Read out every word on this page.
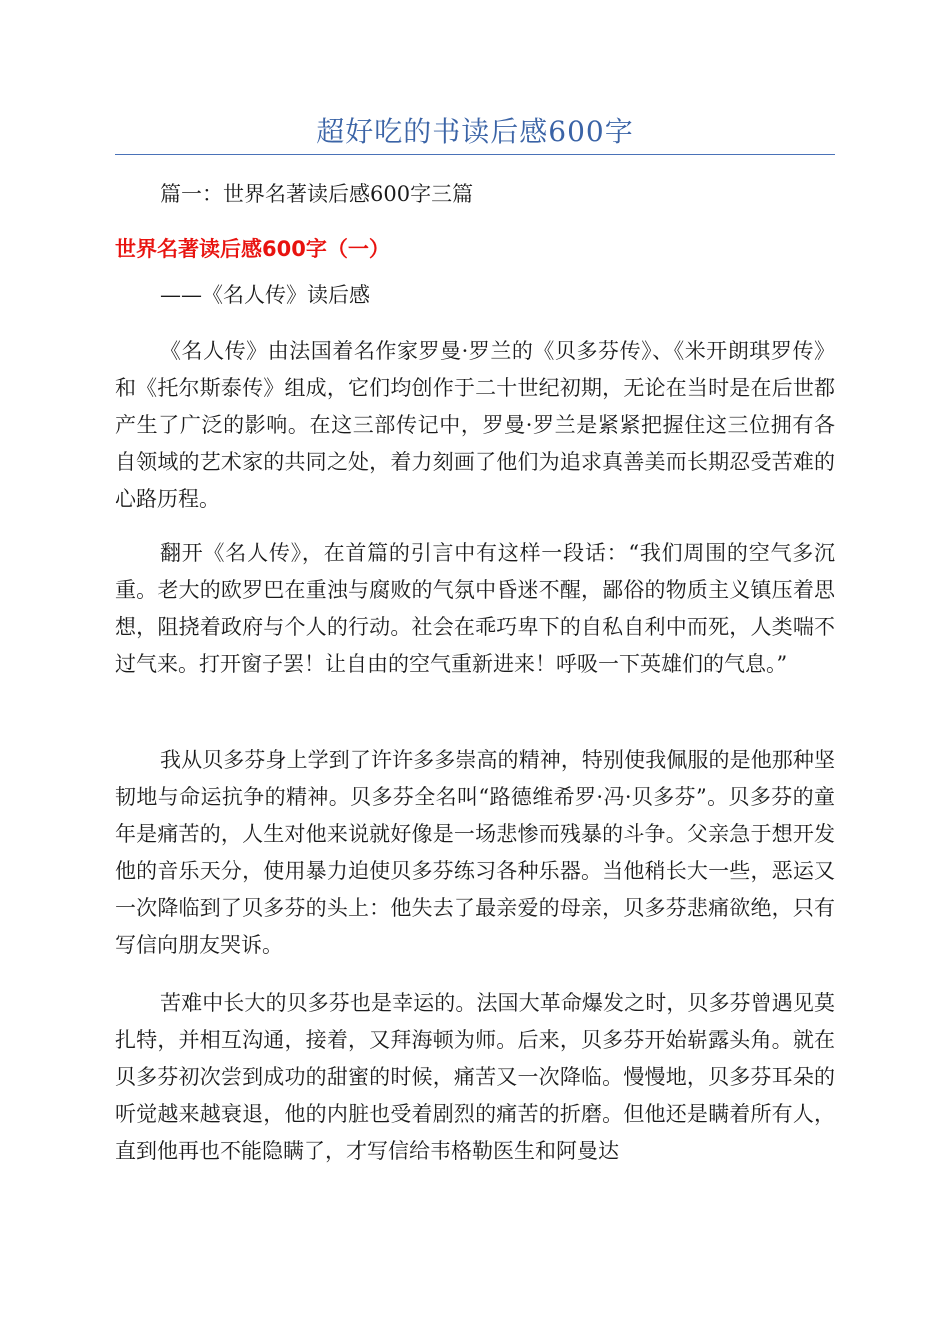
超好吃的书读后感600字
篇一：世界名著读后感600字三篇
世界名著读后感600字（一）
——《名人传》读后感
《名人传》由法国着名作家罗曼·罗兰的《贝多芬传》、《米开朗琪罗传》和《托尔斯泰传》组成，它们均创作于二十世纪初期，无论在当时是在后世都产生了广泛的影响。在这三部传记中，罗曼·罗兰是紧紧把握住这三位拥有各自领域的艺术家的共同之处，着力刻画了他们为追求真善美而长期忍受苦难的心路历程。
翻开《名人传》，在首篇的引言中有这样一段话：“我们周围的空气多沉重。老大的欧罗巴在重浊与腐败的气氛中昏迷不醒，鄙俗的物质主义镇压着思想，阻挠着政府与个人的行动。社会在乖巧卑下的自私自利中而死，人类喘不过气来。打开窗子罢！让自由的空气重新进来！呼吸一下英雄们的气息。”
我从贝多芬身上学到了许许多多崇高的精神，特别使我佩服的是他那种坚韧地与命运抗争的精神。贝多芬全名叫“路德维希罗·冯·贝多芬”。贝多芬的童年是痛苦的，人生对他来说就好像是一场悲惨而残暴的斗争。父亲急于想开发他的音乐天分，使用暴力迫使贝多芬练习各种乐器。当他稍长大一些，恶运又一次降临到了贝多芬的头上：他失去了最亲爱的母亲，贝多芬悲痛欲绝，只有写信向朋友哭诉。
苦难中长大的贝多芬也是幸运的。法国大革命爆发之时，贝多芬曾遇见莫扎特，并相互沟通，接着，又拜海顿为师。后来，贝多芬开始崭露头角。就在贝多芬初次尝到成功的甜蜜的时候，痛苦又一次降临。慢慢地，贝多芬耳朵的听觉越来越衰退，他的内脏也受着剧烈的痛苦的折磨。但他还是瞒着所有人，直到他再也不能隐瞒了，才写信给韦格勒医生和阿曼达
